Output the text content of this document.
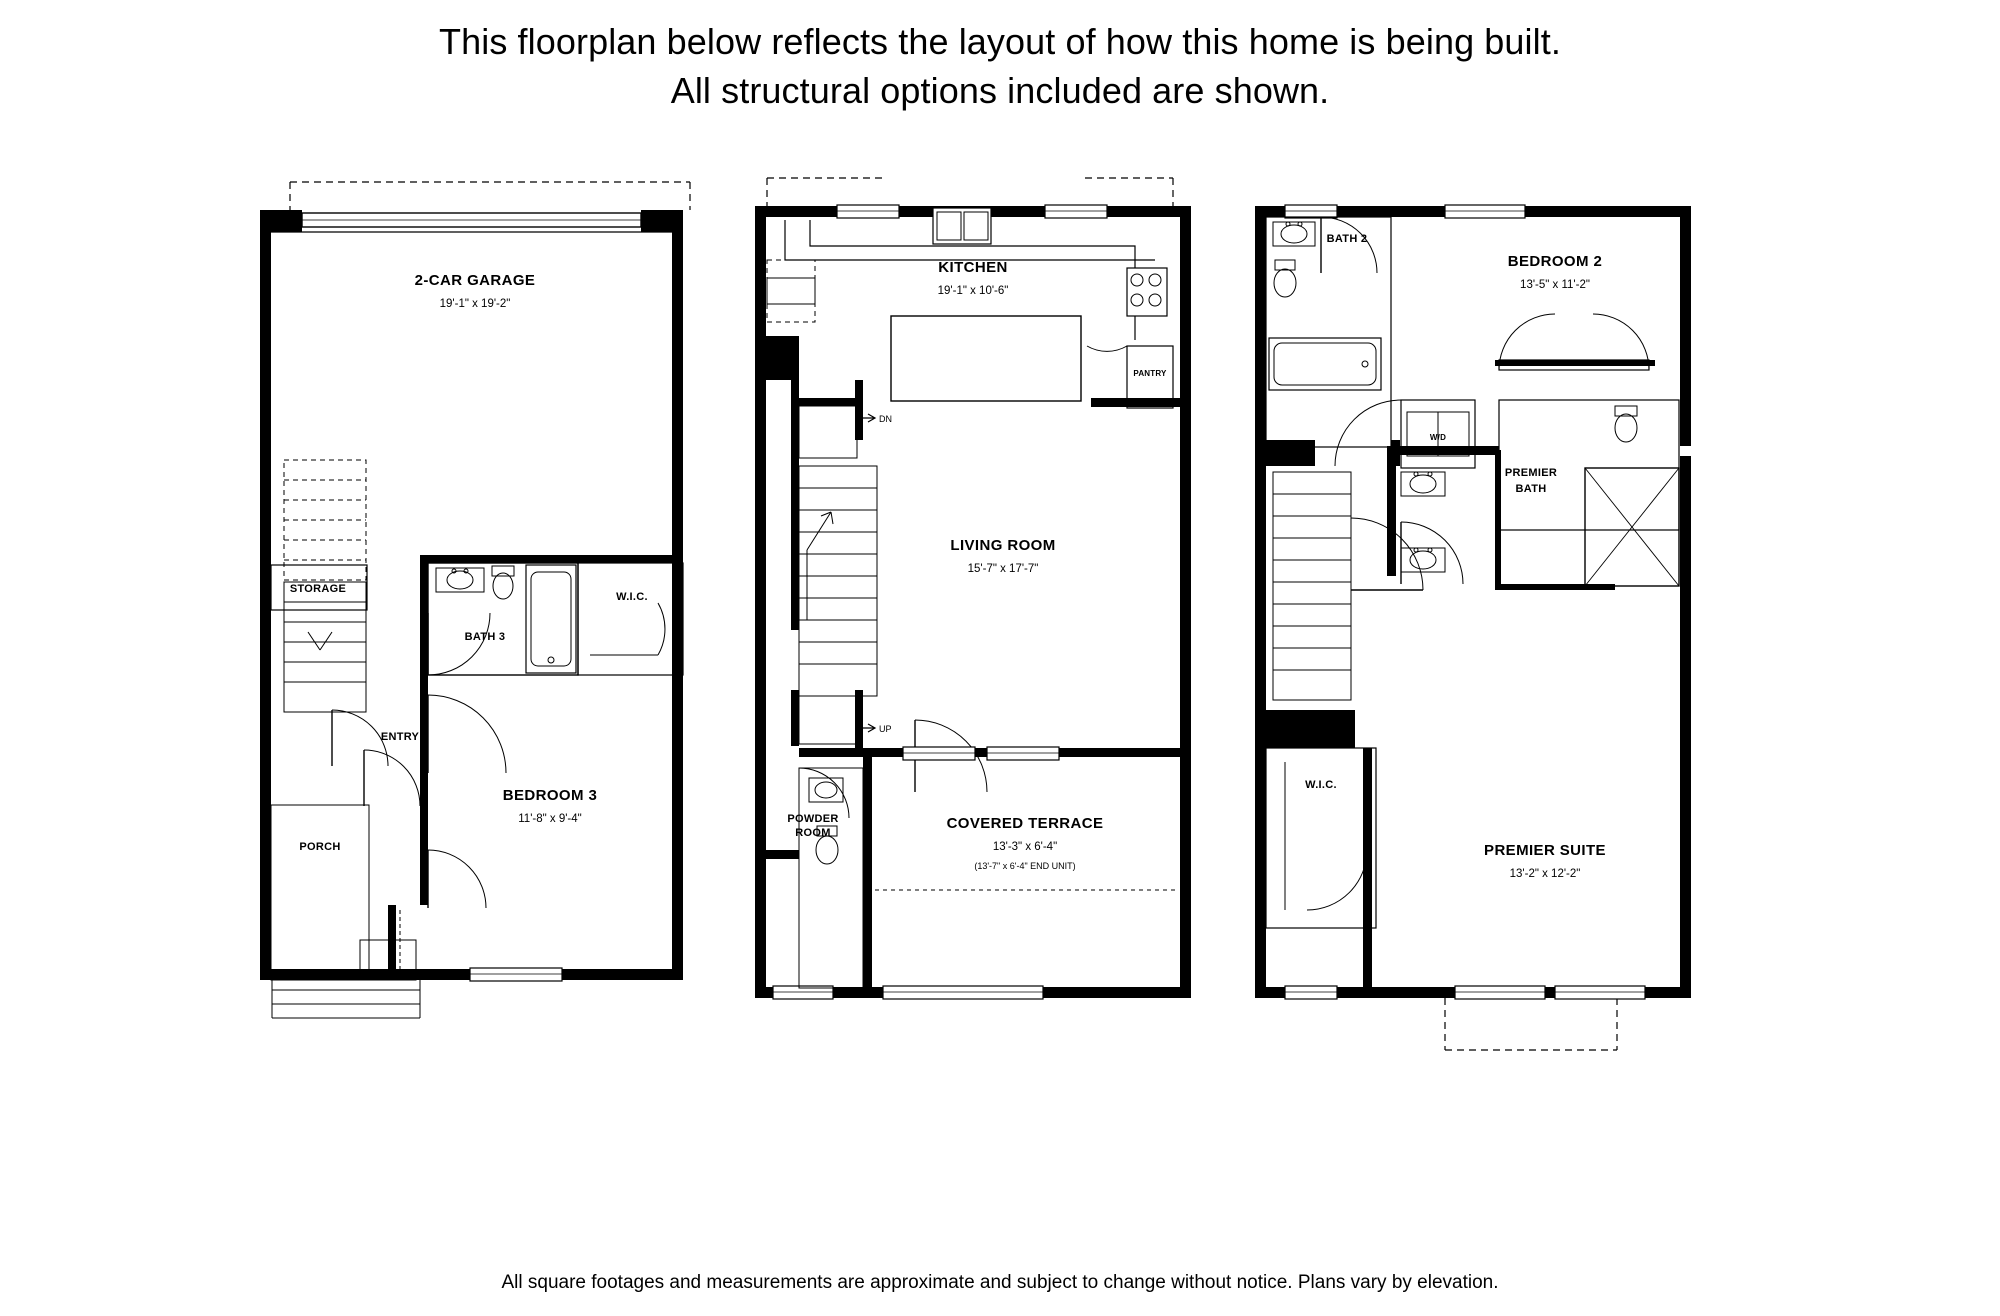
This floorplan below reflects the layout of how this home is being built.
All structural options included are shown.
2-CAR GARAGE
19'-1" x 19'-2"
STORAGE
BATH 3
W.I.C.
ENTRY
PORCH
BEDROOM 3
11'-8" x 9'-4"
KITCHEN
19'-1" x 10'-6"
PANTRY
DN
UP
LIVING ROOM
15'-7" x 17'-7"
POWDER
ROOM
COVERED TERRACE
13'-3" x 6'-4"
(13'-7" x 6'-4" END UNIT)
BEDROOM 2
13'-5" x 11'-2"
BATH 2
W/D
PREMIER
BATH
W.I.C.
PREMIER SUITE
13'-2" x 12'-2"
All square footages and measurements are approximate and subject to change without notice. Plans vary by elevation.
